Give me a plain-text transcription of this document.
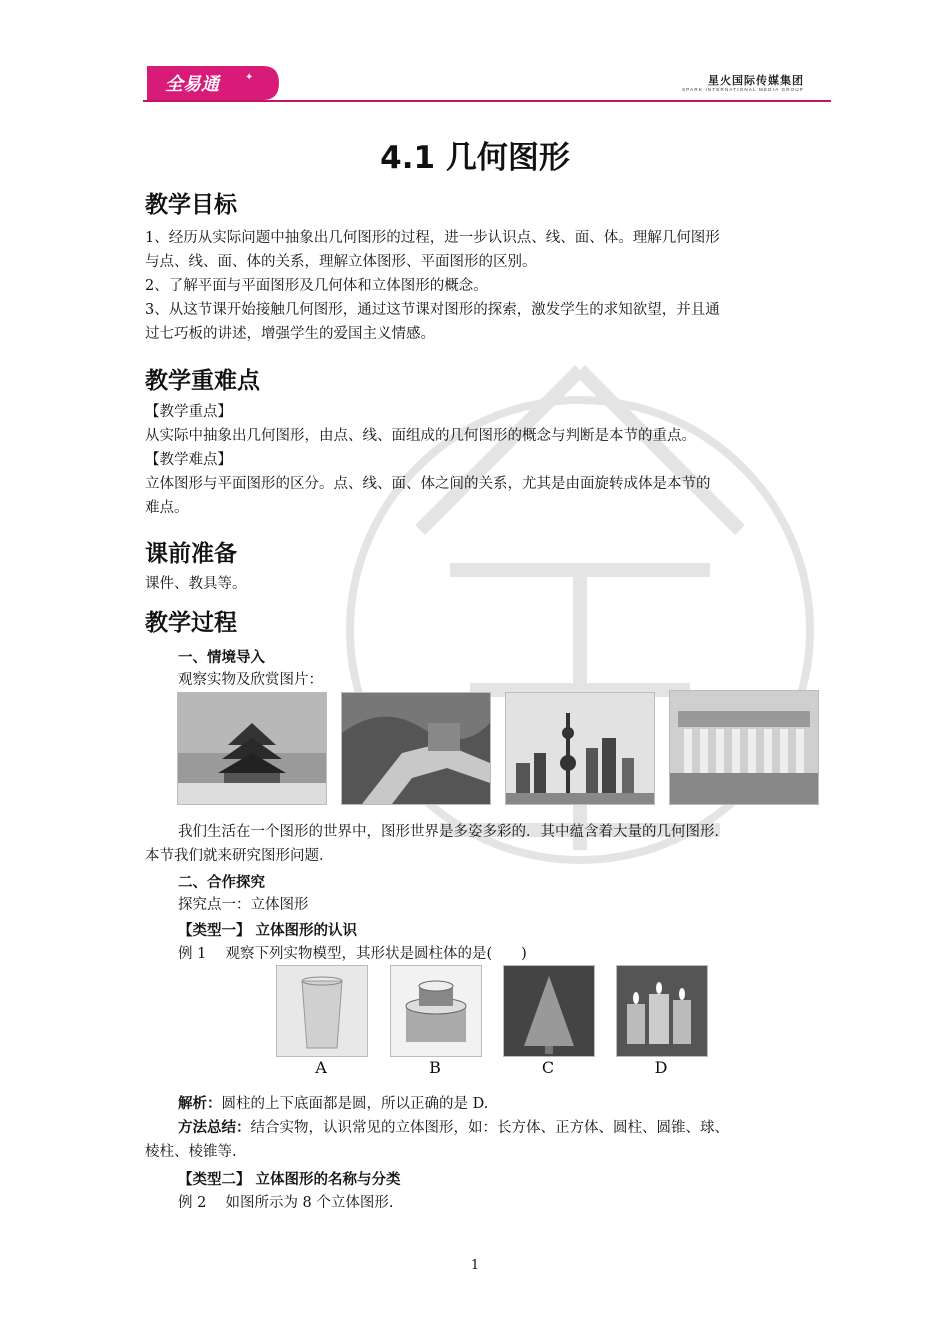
全易通	✦	星火国际传媒集团
SPARK INTERNATIONAL MEDIA GROUP
4.1 几何图形
教学目标
1、经历从实际问题中抽象出几何图形的过程，进一步认识点、线、面、体。理解几何图形
与点、线、面、体的关系，理解立体图形、平面图形的区别。
2、了解平面与平面图形及几何体和立体图形的概念。
3、从这节课开始接触几何图形，通过这节课对图形的探索，激发学生的求知欲望，并且通
过七巧板的讲述，增强学生的爱国主义情感。
教学重难点
【教学重点】
从实际中抽象出几何图形，由点、线、面组成的几何图形的概念与判断是本节的重点。
【教学难点】
立体图形与平面图形的区分。点、线、面、体之间的关系，尤其是由面旋转成体是本节的
难点。
课前准备
课件、教具等。
教学过程
一、情境导入
观察实物及欣赏图片：
我们生活在一个图形的世界中，图形世界是多姿多彩的．其中蕴含着大量的几何图形．
本节我们就来研究图形问题．
二、合作探究
探究点一：立体图形
【类型一】 立体图形的认识
例 1　 观察下列实物模型，其形状是圆柱体的是(　　)
A	B	C	D
解析：圆柱的上下底面都是圆，所以正确的是 D.
方法总结：结合实物，认识常见的立体图形，如：长方体、正方体、圆柱、圆锥、球、
棱柱、棱锥等.
【类型二】 立体图形的名称与分类
例 2　 如图所示为 8 个立体图形.
1
